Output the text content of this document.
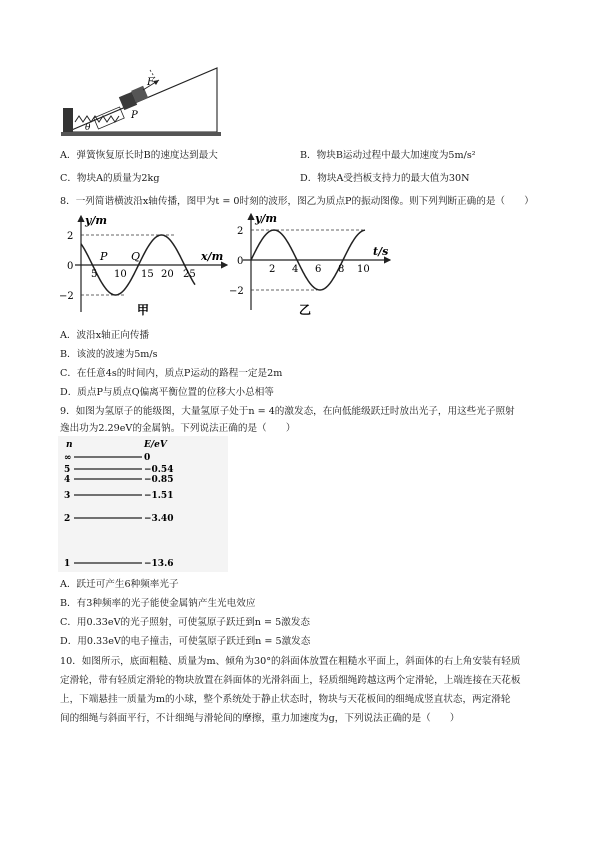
F
P
θ
A．弹簧恢复原长时B的速度达到最大	B．物块B运动过程中最大加速度为5m/s²
C．物块A的质量为2kg	D．物块A受挡板支持力的最大值为30N
8．一列简谐横波沿x轴传播，图甲为t = 0时刻的波形，图乙为质点P的振动图像。则下列判断正确的是（　　）
2
0
−2
5 10 15 20 25
P Q
y/m
x/m
甲
2
0
−2
2 4 6 8 10
y/m
t/s
乙
A．波沿x轴正向传播
B．该波的波速为5m/s
C．在任意4s的时间内，质点P运动的路程一定是2m
D．质点P与质点Q偏离平衡位置的位移大小总相等
9．如图为氢原子的能级图，大量氢原子处于n = 4的激发态，在向低能级跃迁时放出光子，用这些光子照射
逸出功为2.29eV的金属钠。下列说法正确的是（　　）
n	E/eV
∞	0
5	−0.54
4	−0.85
3	−1.51
2	−3.40
1	−13.6
A．跃迁可产生6种频率光子
B．有3种频率的光子能使金属钠产生光电效应
C．用0.33eV的光子照射，可使氢原子跃迁到n = 5激发态
D．用0.33eV的电子撞击，可使氢原子跃迁到n = 5激发态
10．如图所示，底面粗糙、质量为m、倾角为30°的斜面体放置在粗糙水平面上，斜面体的右上角安装有轻质
定滑轮，带有轻质定滑轮的物块放置在斜面体的光滑斜面上，轻质细绳跨越这两个定滑轮，上端连接在天花板
上，下端悬挂一质量为m的小球，整个系统处于静止状态时，物块与天花板间的细绳成竖直状态，两定滑轮
间的细绳与斜面平行，不计细绳与滑轮间的摩擦，重力加速度为g，下列说法正确的是（　　）
